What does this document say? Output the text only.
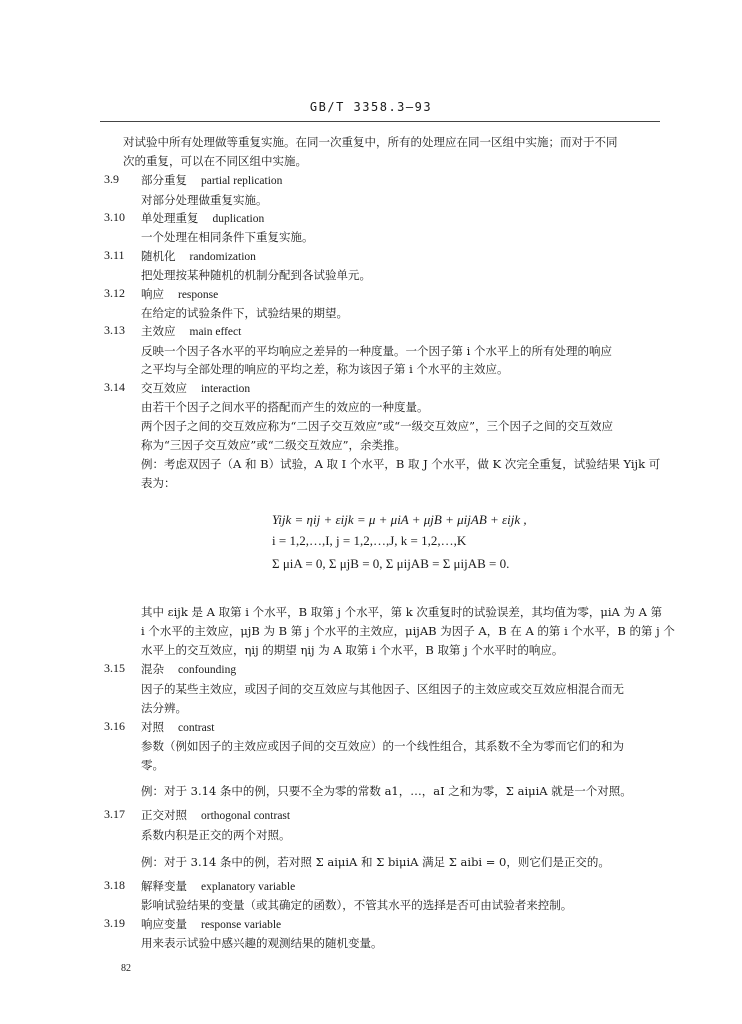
GB/T 3358.3—93
对试验中所有处理做等重复实施。在同一次重复中，所有的处理应在同一区组中实施；而对于不同
次的重复，可以在不同区组中实施。
3.9 部分重复 partial replication
对部分处理做重复实施。
3.10 单处理重复 duplication
一个处理在相同条件下重复实施。
3.11 随机化 randomization
把处理按某种随机的机制分配到各试验单元。
3.12 响应 response
在给定的试验条件下，试验结果的期望。
3.13 主效应 main effect
反映一个因子各水平的平均响应之差异的一种度量。一个因子第 i 个水平上的所有处理的响应
之平均与全部处理的响应的平均之差，称为该因子第 i 个水平的主效应。
3.14 交互效应 interaction
由若干个因子之间水平的搭配而产生的效应的一种度量。
两个因子之间的交互效应称为“二因子交互效应”或“一级交互效应”，三个因子之间的交互效应
称为“三因子交互效应”或“二级交互效应”，余类推。
例：考虑双因子（A 和 B）试验，A 取 I 个水平，B 取 J 个水平，做 K 次完全重复，试验结果 Yijk 可
表为：
Yijk = ηij + εijk = μ + μiA + μjB + μijAB + εijk ,
i = 1,2,…,I, j = 1,2,…,J, k = 1,2,…,K
Σ μiA = 0, Σ μjB = 0, Σ μijAB = Σ μijAB = 0.
其中 εijk 是 A 取第 i 个水平，B 取第 j 个水平，第 k 次重复时的试验误差，其均值为零，μiA 为 A 第
i 个水平的主效应，μjB 为 B 第 j 个水平的主效应，μijAB 为因子 A，B 在 A 的第 i 个水平，B 的第 j 个
水平上的交互效应，ηij 的期望 ηij 为 A 取第 i 个水平，B 取第 j 个水平时的响应。
3.15 混杂 confounding
因子的某些主效应，或因子间的交互效应与其他因子、区组因子的主效应或交互效应相混合而无
法分辨。
3.16 对照 contrast
参数（例如因子的主效应或因子间的交互效应）的一个线性组合，其系数不全为零而它们的和为
零。
例：对于 3.14 条中的例，只要不全为零的常数 a1，…，aI 之和为零，Σ aiμiA 就是一个对照。
3.17 正交对照 orthogonal contrast
系数内积是正交的两个对照。
例：对于 3.14 条中的例，若对照 Σ aiμiA 和 Σ biμiA 满足 Σ aibi = 0，则它们是正交的。
3.18 解释变量 explanatory variable
影响试验结果的变量（或其确定的函数），不管其水平的选择是否可由试验者来控制。
3.19 响应变量 response variable
用来表示试验中感兴趣的观测结果的随机变量。
82
